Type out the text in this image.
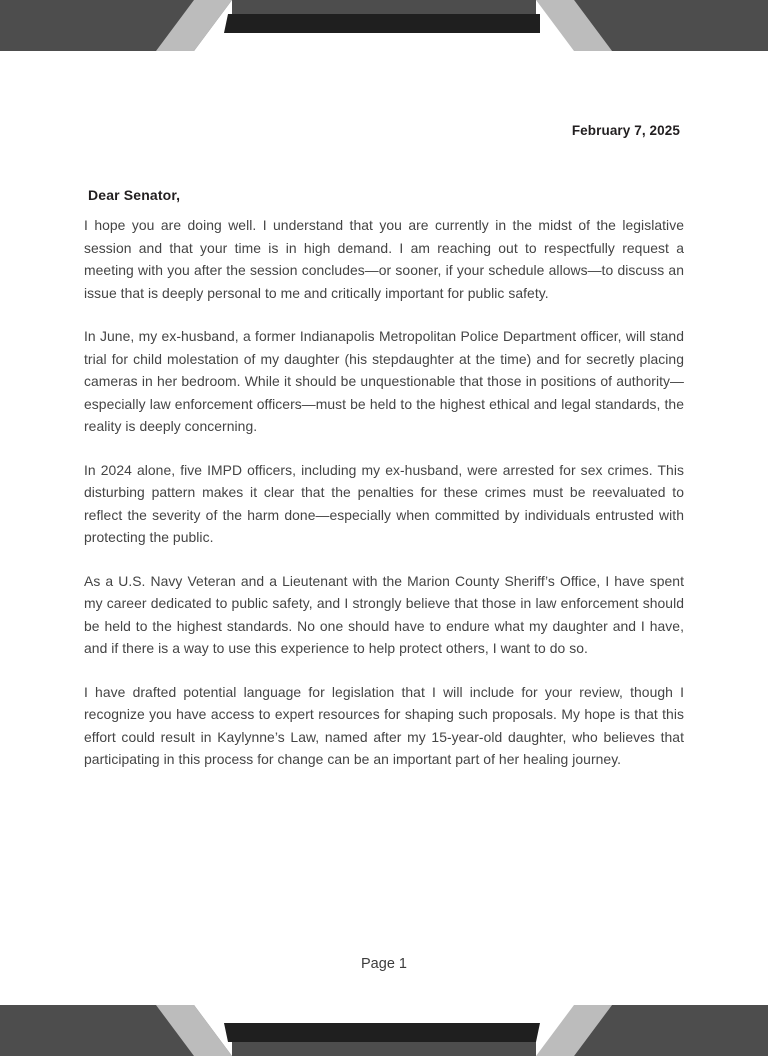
February 7, 2025
Dear Senator,

I hope you are doing well. I understand that you are currently in the midst of the legislative session and that your time is in high demand. I am reaching out to respectfully request a meeting with you after the session concludes—or sooner, if your schedule allows—to discuss an issue that is deeply personal to me and critically important for public safety.

In June, my ex-husband, a former Indianapolis Metropolitan Police Department officer, will stand trial for child molestation of my daughter (his stepdaughter at the time) and for secretly placing cameras in her bedroom. While it should be unquestionable that those in positions of authority—especially law enforcement officers—must be held to the highest ethical and legal standards, the reality is deeply concerning.

In 2024 alone, five IMPD officers, including my ex-husband, were arrested for sex crimes. This disturbing pattern makes it clear that the penalties for these crimes must be reevaluated to reflect the severity of the harm done—especially when committed by individuals entrusted with protecting the public.

As a U.S. Navy Veteran and a Lieutenant with the Marion County Sheriff’s Office, I have spent my career dedicated to public safety, and I strongly believe that those in law enforcement should be held to the highest standards. No one should have to endure what my daughter and I have, and if there is a way to use this experience to help protect others, I want to do so.

I have drafted potential language for legislation that I will include for your review, though I recognize you have access to expert resources for shaping such proposals. My hope is that this effort could result in Kaylynne’s Law, named after my 15-year-old daughter, who believes that participating in this process for change can be an important part of her healing journey.

Page 1
